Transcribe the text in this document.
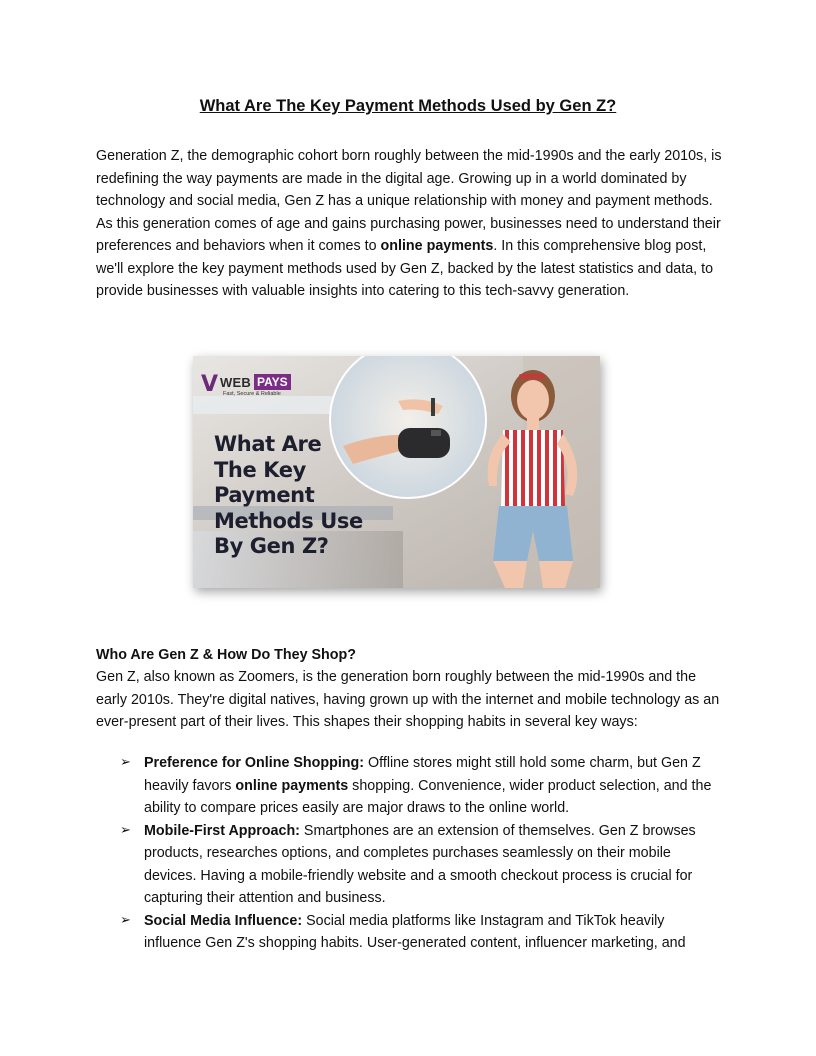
What Are The Key Payment Methods Used by Gen Z?

Generation Z, the demographic cohort born roughly between the mid-1990s and the early 2010s, is redefining the way payments are made in the digital age. Growing up in a world dominated by technology and social media, Gen Z has a unique relationship with money and payment methods. As this generation comes of age and gains purchasing power, businesses need to understand their preferences and behaviors when it comes to online payments. In this comprehensive blog post, we'll explore the key payment methods used by Gen Z, backed by the latest statistics and data, to provide businesses with valuable insights into catering to this tech-savvy generation.

V WEB PAYS
Fast, Secure & Reliable
What Are
The Key
Payment
Methods Use
By Gen Z?
Who Are Gen Z & How Do They Shop?

Gen Z, also known as Zoomers, is the generation born roughly between the mid-1990s and the early 2010s. They're digital natives, having grown up with the internet and mobile technology as an ever-present part of their lives. This shapes their shopping habits in several key ways:

➢ Preference for Online Shopping: Offline stores might still hold some charm, but Gen Z heavily favors online payments shopping. Convenience, wider product selection, and the ability to compare prices easily are major draws to the online world.
➢ Mobile-First Approach: Smartphones are an extension of themselves. Gen Z browses products, researches options, and completes purchases seamlessly on their mobile devices. Having a mobile-friendly website and a smooth checkout process is crucial for capturing their attention and business.
➢ Social Media Influence: Social media platforms like Instagram and TikTok heavily influence Gen Z's shopping habits. User-generated content, influencer marketing, and
